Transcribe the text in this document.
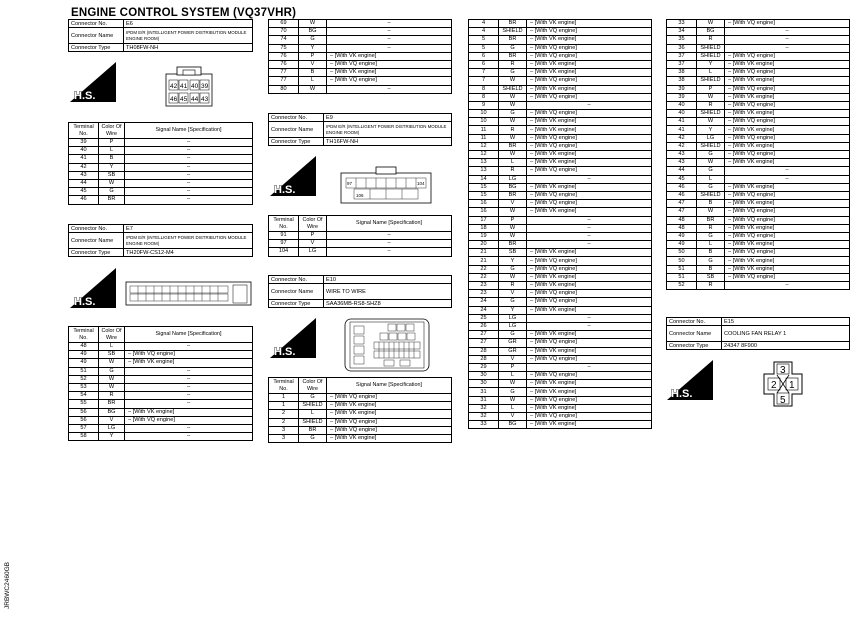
ENGINE CONTROL SYSTEM (VQ37VHR)
Connector No.	E6
Connector Name	IPDM E/R (INTELLIGENT POWER DISTRIBUTION MODULE ENGINE ROOM)
Connector Type	TH08FW-NH
H.S.
42 41 40 39
46 45 44 43
Terminal No.	Color Of Wire	Signal Name [Specification]
39	P	–
40	L	–
41	B	–
42	Y	–
43	SB	–
44	W	–
45	G	–
46	BR	–
Connector No.	E7
Connector Name	IPDM E/R (INTELLIGENT POWER DISTRIBUTION MODULE ENGINE ROOM)
Connector Type	TH20FW-CS12-M4
H.S.
Terminal No.	Color Of Wire	Signal Name [Specification]
48	L	–
49	SB	– [With VQ engine]
49	W	– [With VK engine]
51	G	–
52	W	–
53	W	–
54	R	–
55	BR	–
56	BG	– [With VK engine]
56	V	– [With VQ engine]
57	LG	–
58	Y	–
69	W	–
70	BG	–
74	G	–
75	Y	–
76	P	– [With VK engine]
76	V	– [With VQ engine]
77	B	– [With VK engine]
77	L	– [With VQ engine]
80	W	–
Connector No.	E9
Connector Name	IPDM E/R (INTELLIGENT POWER DISTRIBUTION MODULE ENGINE ROOM)
Connector Type	TH16FW-NH
H.S.
97	104
106
Terminal No.	Color Of Wire	Signal Name [Specification]
91	P	–
97	V	–
104	LG	–
Connector No.	E10
Connector Name	WIRE TO WIRE
Connector Type	SAA36MB-RS8-SHZ8
H.S.
Terminal No.	Color Of Wire	Signal Name [Specification]
1	G	– [With VQ engine]
1	SHIELD	– [With VK engine]
2	L	– [With VK engine]
2	SHIELD	– [With VQ engine]
3	BR	– [With VQ engine]
3	G	– [With VK engine]
4	BR	– [With VK engine]
4	SHIELD	– [With VQ engine]
5	BR	– [With VK engine]
5	G	– [With VQ engine]
6	BR	– [With VQ engine]
6	R	– [With VK engine]
7	G	– [With VK engine]
7	W	– [With VQ engine]
8	SHIELD	– [With VK engine]
8	W	– [With VQ engine]
9	W	–
10	G	– [With VQ engine]
10	W	– [With VK engine]
11	R	– [With VK engine]
11	W	– [With VQ engine]
12	BR	– [With VQ engine]
12	W	– [With VK engine]
13	L	– [With VK engine]
13	R	– [With VQ engine]
14	LG	–
15	BG	– [With VK engine]
15	BR	– [With VQ engine]
16	V	– [With VQ engine]
16	W	– [With VK engine]
17	P	–
18	W	–
19	W	–
20	BR	–
21	SB	– [With VK engine]
21	Y	– [With VQ engine]
22	G	– [With VQ engine]
22	W	– [With VK engine]
23	R	– [With VK engine]
23	V	– [With VQ engine]
24	G	– [With VQ engine]
24	Y	– [With VK engine]
25	LG	–
26	LG	–
27	G	– [With VK engine]
27	GR	– [With VQ engine]
28	GR	– [With VK engine]
28	V	– [With VQ engine]
29	P	–
30	L	– [With VQ engine]
30	W	– [With VK engine]
31	G	– [With VK engine]
31	W	– [With VQ engine]
32	L	– [With VK engine]
32	V	– [With VQ engine]
33	BG	– [With VK engine]
33	W	– [With VQ engine]
34	BG	–
35	R	–
36	SHIELD	–
37	SHIELD	– [With VQ engine]
37	Y	– [With VK engine]
38	L	– [With VQ engine]
38	SHIELD	– [With VK engine]
39	P	– [With VQ engine]
39	W	– [With VK engine]
40	R	– [With VQ engine]
40	SHIELD	– [With VK engine]
41	W	– [With VQ engine]
41	Y	– [With VK engine]
42	LG	– [With VQ engine]
42	SHIELD	– [With VK engine]
43	G	– [With VQ engine]
43	W	– [With VK engine]
44	G	–
45	L	–
46	G	– [With VK engine]
46	SHIELD	– [With VQ engine]
47	B	– [With VK engine]
47	W	– [With VQ engine]
48	BR	– [With VQ engine]
48	R	– [With VK engine]
49	G	– [With VQ engine]
49	L	– [With VK engine]
50	B	– [With VQ engine]
50	G	– [With VK engine]
51	B	– [With VK engine]
51	SB	– [With VQ engine]
52	R	–
Connector No.	E15
Connector Name	COOLING FAN RELAY 1
Connector Type	24347 8F900
H.S.
3
2 1
5
JRBWC2460GB
